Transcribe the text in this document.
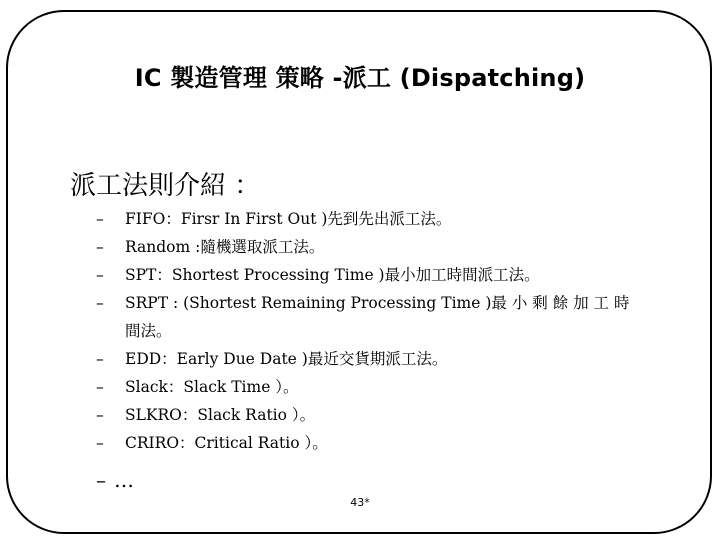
IC 製造管理 策略 -派工 (Dispatching)
派工法則介紹 ：
– FIFO：Firsr In First Out )先到先出派工法。
– Random :隨機選取派工法。
– SPT：Shortest Processing Time )最小加工時間派工法。
– SRPT : (Shortest Remaining Processing Time )最 小 剩 餘 加 工 時
間法。
– EDD：Early Due Date )最近交貨期派工法。
– Slack：Slack Time ）。
– SLKRO：Slack Ratio ）。
– CRIRO：Critical Ratio ）。
– …
43*
